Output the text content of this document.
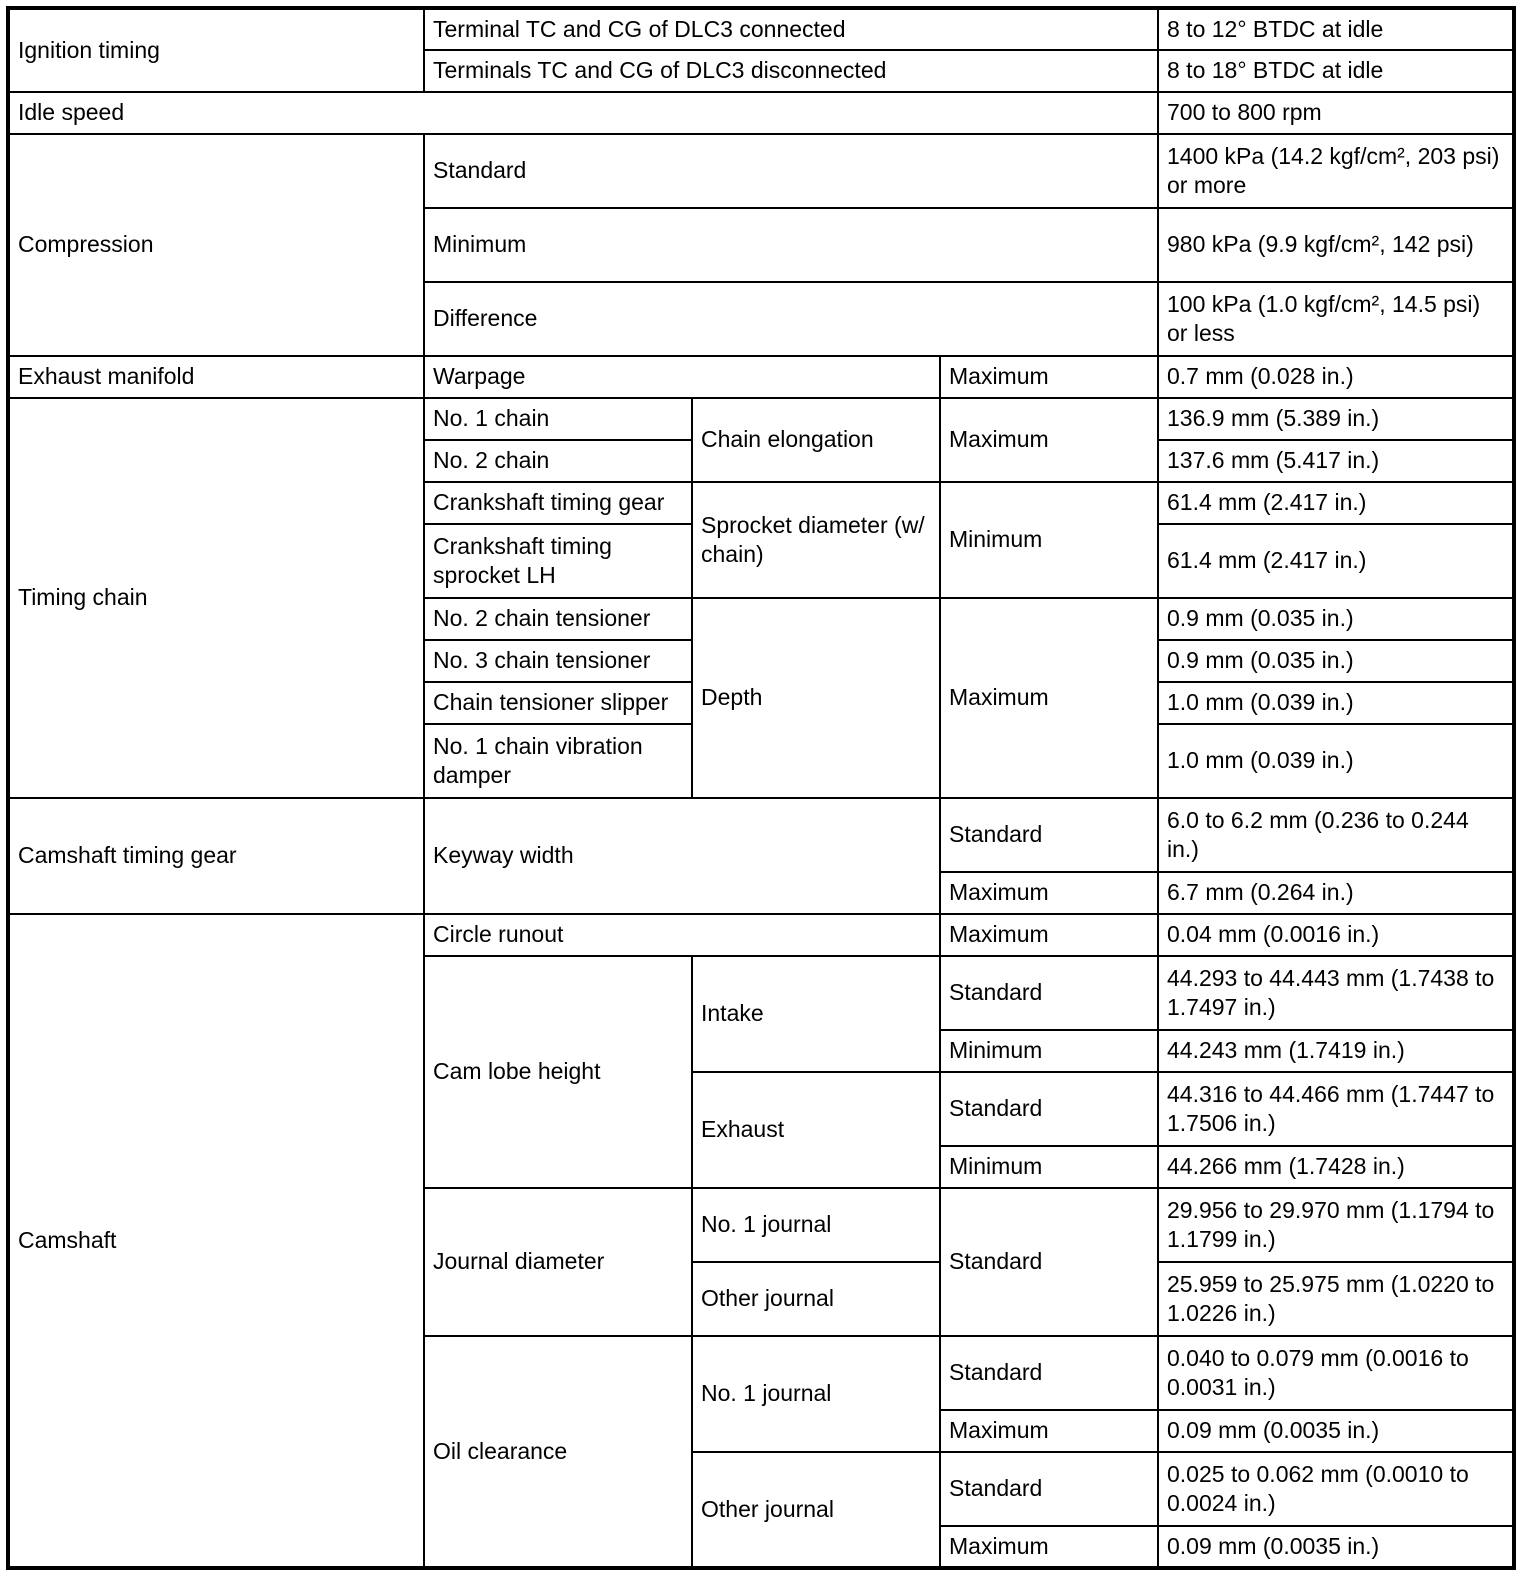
Ignition timing	Terminal TC and CG of DLC3 connected			8 to 12° BTDC at idle
	Terminals TC and CG of DLC3 disconnected			8 to 18° BTDC at idle
Idle speed				700 to 800 rpm
Compression	Standard			1400 kPa (14.2 kgf/cm², 203 psi) or more
	Minimum			980 kPa (9.9 kgf/cm², 142 psi)
	Difference			100 kPa (1.0 kgf/cm², 14.5 psi) or less
Exhaust manifold	Warpage		Maximum	0.7 mm (0.028 in.)
Timing chain	No. 1 chain	Chain elongation	Maximum	136.9 mm (5.389 in.)
	No. 2 chain			137.6 mm (5.417 in.)
	Crankshaft timing gear	Sprocket diameter (w/ chain)	Minimum	61.4 mm (2.417 in.)
	Crankshaft timing sprocket LH			61.4 mm (2.417 in.)
	No. 2 chain tensioner	Depth	Maximum	0.9 mm (0.035 in.)
	No. 3 chain tensioner			0.9 mm (0.035 in.)
	Chain tensioner slipper			1.0 mm (0.039 in.)
	No. 1 chain vibration damper			1.0 mm (0.039 in.)
Camshaft timing gear	Keyway width		Standard	6.0 to 6.2 mm (0.236 to 0.244 in.)
			Maximum	6.7 mm (0.264 in.)
Camshaft	Circle runout		Maximum	0.04 mm (0.0016 in.)
	Cam lobe height	Intake	Standard	44.293 to 44.443 mm (1.7438 to 1.7497 in.)
			Minimum	44.243 mm (1.7419 in.)
		Exhaust	Standard	44.316 to 44.466 mm (1.7447 to 1.7506 in.)
			Minimum	44.266 mm (1.7428 in.)
	Journal diameter	No. 1 journal	Standard	29.956 to 29.970 mm (1.1794 to 1.1799 in.)
		Other journal		25.959 to 25.975 mm (1.0220 to 1.0226 in.)
	Oil clearance	No. 1 journal	Standard	0.040 to 0.079 mm (0.0016 to 0.0031 in.)
			Maximum	0.09 mm (0.0035 in.)
		Other journal	Standard	0.025 to 0.062 mm (0.0010 to 0.0024 in.)
			Maximum	0.09 mm (0.0035 in.)
